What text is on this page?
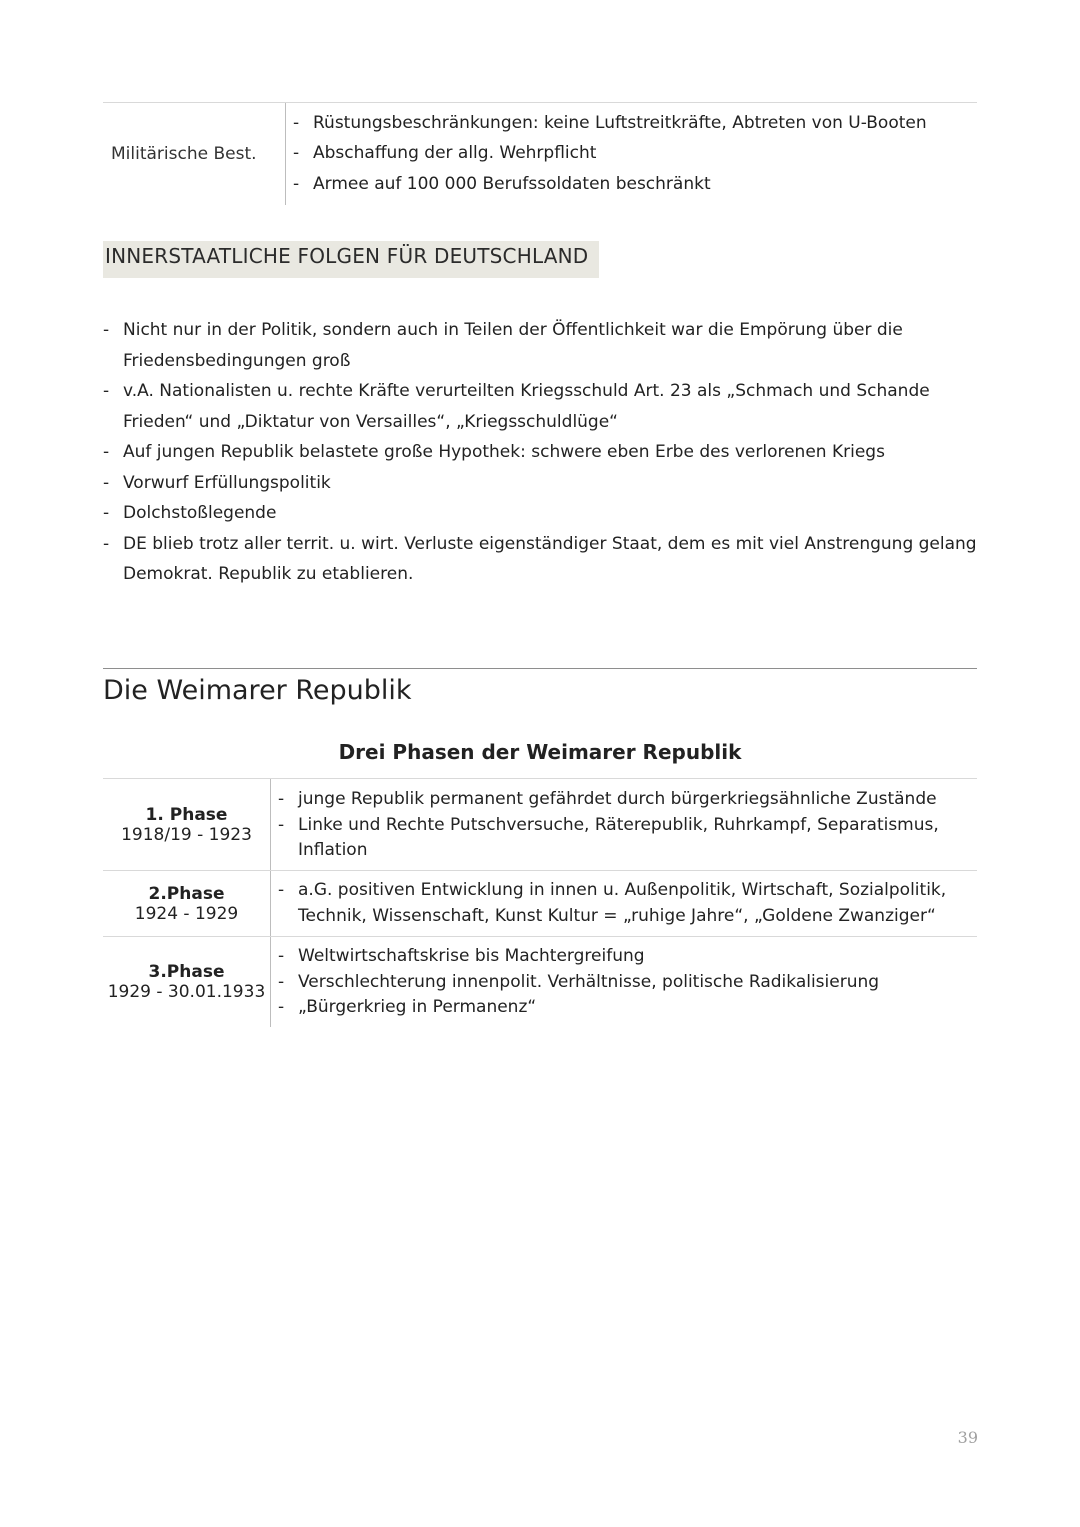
Militärische Best.
- Rüstungsbeschränkungen: keine Luftstreitkräfte, Abtreten von U-Booten
- Abschaffung der allg. Wehrpflicht
- Armee auf 100 000 Berufssoldaten beschränkt
INNERSTAATLICHE FOLGEN FÜR DEUTSCHLAND
- Nicht nur in der Politik, sondern auch in Teilen der Öffentlichkeit war die Empörung über die Friedensbedingungen groß
- v.A. Nationalisten u. rechte Kräfte verurteilten Kriegsschuld Art. 23 als „Schmach und Schande Frieden“ und „Diktatur von Versailles“, „Kriegsschuldlüge“
- Auf jungen Republik belastete große Hypothek: schwere eben Erbe des verlorenen Kriegs
- Vorwurf Erfüllungspolitik
- Dolchstoßlegende
- DE blieb trotz aller territ. u. wirt. Verluste eigenständiger Staat, dem es mit viel Anstrengung gelang Demokrat. Republik zu etablieren.
Die Weimarer Republik
Drei Phasen der Weimarer Republik
1. Phase
1918/19 - 1923
- junge Republik permanent gefährdet durch bürgerkriegsähnliche Zustände
- Linke und Rechte Putschversuche, Räterepublik, Ruhrkampf, Separatismus, Inflation
2.Phase
1924 - 1929
- a.G. positiven Entwicklung in innen u. Außenpolitik, Wirtschaft, Sozialpolitik, Technik, Wissenschaft, Kunst Kultur = „ruhige Jahre“, „Goldene Zwanziger“
3.Phase
1929 - 30.01.1933
- Weltwirtschaftskrise bis Machtergreifung
- Verschlechterung innenpolit. Verhältnisse, politische Radikalisierung
- „Bürgerkrieg in Permanenz“
39
